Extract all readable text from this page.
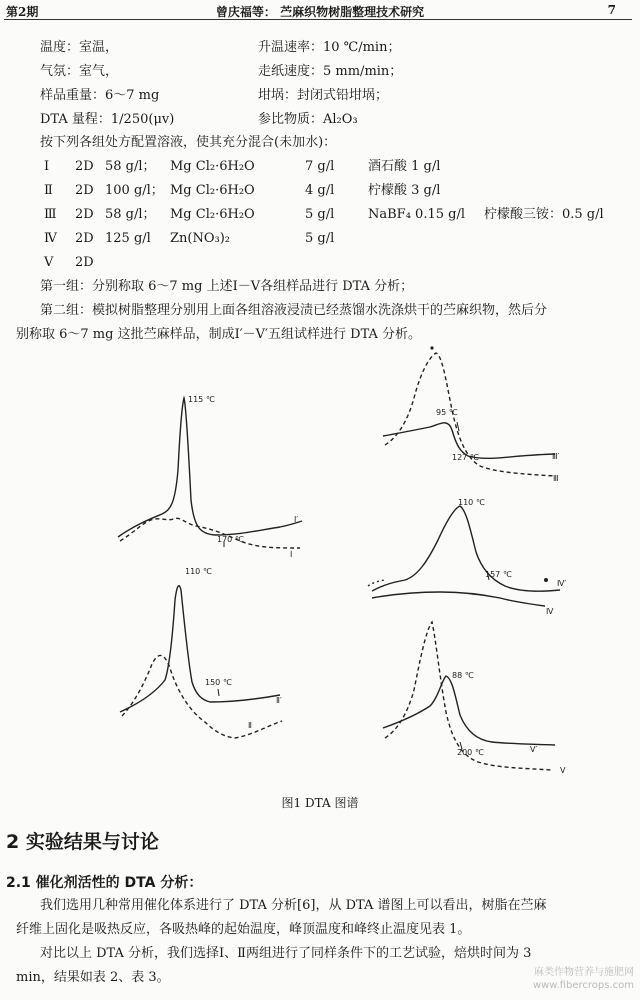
第2期	曾庆福等： 苎麻织物树脂整理技术研究	7
温度：室温，	升温速率：10 ℃/min；
气氛：室气，	走纸速度：5 mm/min；
样品重量：6～7 mg	坩埚：封闭式铅坩埚；
DTA 量程：1/250(μv)	参比物质：Al₂O₃
按下列各组处方配置溶液，使其充分混合(未加水)：
Ⅰ 2D 58 g/l； Mg Cl₂·6H₂O	7 g/l	酒石酸 1 g/l
Ⅱ 2D 100 g/l； Mg Cl₂·6H₂O	4 g/l	柠檬酸 3 g/l
Ⅲ 2D 58 g/l； Mg Cl₂·6H₂O	5 g/l	NaBF₄ 0.15 g/l 柠檬酸三铵：0.5 g/l
Ⅳ 2D 125 g/l Zn(NO₃)₂	5 g/l
Ⅴ 2D
第一组：分别称取 6～7 mg 上述Ⅰ－Ⅴ各组样品进行 DTA 分析；
第二组：模拟树脂整理分别用上面各组溶液浸渍已经蒸馏水洗涤烘干的苎麻织物，然后分
别称取 6～7 mg 这批苎麻样品，制成Ⅰ′－Ⅴ′五组试样进行 DTA 分析。
115 ℃
170 ℃
Ⅰ′
Ⅰ
110 ℃
150 ℃
Ⅱ′
Ⅱ
95 ℃
127 ℃	Ⅲ′
Ⅲ
110 ℃
157 ℃
Ⅳ′
Ⅳ
88 ℃
200 ℃	Ⅴ′
Ⅴ
图1 DTA 图谱
2 实验结果与讨论
2.1 催化剂活性的 DTA 分析：
我们选用几种常用催化体系进行了 DTA 分析[6]，从 DTA 谱图上可以看出，树脂在苎麻
纤维上固化是吸热反应，各吸热峰的起始温度，峰顶温度和峰终止温度见表 1。
对比以上 DTA 分析，我们选择Ⅰ、Ⅱ两组进行了同样条件下的工艺试验，焙烘时间为 3
min，结果如表 2、表 3。	麻类作物营养与施肥网
www.fibercrops.com
